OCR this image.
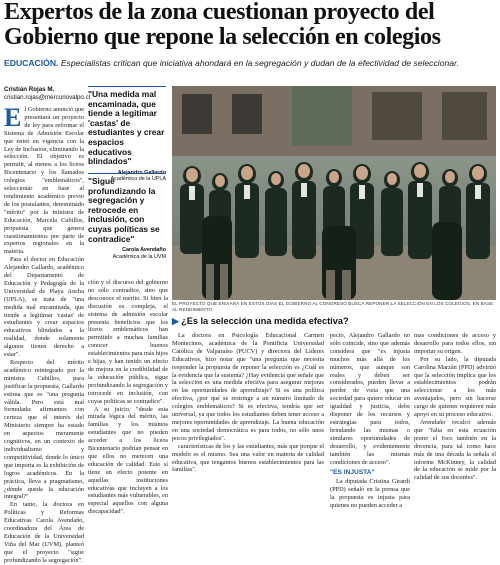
Expertos de la zona cuestionan proyecto del
Gobierno que repone la selección en colegios
EDUCACIÓN. Especialistas critican que iniciativa ahondará en la segregación y dudan de la efectividad de seleccionar.
Cristián Rojas M.
cristian.rojas@mercuriovalpo.cl

El Gobierno anunció que presentará un proyecto de ley para reformar el Sistema de Admisión Escolar que entró en vigencia con la Ley de Inclusión, eliminando la selección. El objetivo es permitir, al menos a los liceos Bicentenario y los llamados colegios "emblemáticos", seleccionar en base al rendimiento académico previo de los postulantes, denominado "mérito" por la ministra de Educación, Marcela Cubillos, propuesta que genera cuestionamientos por parte de expertos regionales en la materia.

Para el doctor en Educación Alejandro Gallardo, académico del Departamento de Educación y Pedagogía de la Universidad de Playa Ancha (UPLA), se trata de "una medida mal encaminada, que tiende a legitimar 'castas' de estudiantes y crear espacios educativos blindados a la realidad, donde solamente algunos tienen derecho a estar".

Respecto del mérito académico reintegrado por la ministra Cubillos, para justificar la propuesta, Gallardo estima que es "una pregunta válida. Pero está mal formulada: afirmamos con certeza que el interés del Ministerio siempre ha estado en aspectos meramente cognitivos, en un contexto de individualismo y competitividad, donde lo único que importa es la exhibición de logros académicos. En la práctica, lleva a pragmatismo, ¿dónde queda la educación integral?"

En tanto, la doctora en Políticas y Reformas Educativas Carola Avendaño, coordinadora del Área de Educación de la Universidad Viña del Mar (UVM), planteó que el proyecto "sigue profundizando la segregación".

"Una medida mal encaminada, que tiende a legitimar 'castas' de estudiantes y crear espacios educativos blindados"
Académico de la UPLA
"Sigue profundizando la segregación y retrocede en inclusión, con cuyas políticas se contradice"
Carola Avendaño
Académica de la UVM

ción y el discurso del gobierno no sólo contradice, sino que desconoce el mérito. Si bien la discusión es compleja, el sistema de admisión escolar presenta beneficios que los liceos emblemáticos han permitido a muchas familias conocer buenos establecimientos para más hijos e hijas, y han tenido un efecto de mejora en la credibilidad de la educación pública, sigue profundizando la segregación y retrocede en inclusión, con cuyas políticas se contradice".

A su juicio, "desde esta mirada lógica del mérito, las familias y los mismos estudiantes que no pueden acceder a los liceos Bicentenario podrían pensar en que ellos no merecen una educación de calidad. Esto sí tiene un efecto potente en aquellas instituciones educativas que incluyen a los estudiantes más vulnerables, en especial aquellos con alguna discapacidad".

EL PROYECTO QUE ENVIARÁ EN ESTOS DÍAS EL GOBIERNO AL CONGRESO BUSCA REPONER LA SELECCIÓN EN LOS COLEGIOS, EN BASE AL RENDIMIENTO.
▶ ¿Es la selección una medida efectiva?

La doctora en Psicología Educacional Carmen Montecinos, académica de la Pontificia Universidad Católica de Valparaíso (PUCV) y directora del Líderes Educativos, hizo notar que "una pregunta que necesita responder la propuesta de reponer la selección es ¿Cuál es la evidencia que la sustenta? ¿Hay evidencia que señale que la selección es una medida efectiva para asegurar mejoras en las oportunidades de aprendizaje? Si es una política efectiva, ¿por qué se restringe a un número limitado de colegios emblemáticos? Si es efectiva, tendría que ser universal, ya que todos los estudiantes deben tener acceso a mejores oportunidades de aprendizaje. La buena educación en una sociedad democrática es para todos, no sólo unos pocos privilegiados".

características de los y las estudiantes, más que porque el modelo es el mismo. Sea una valor en materia de calidad educativa, que tengamos buenos establecimientos para las familias".

pecto, Alejandro Gallardo no sólo coincide, sino que además considera que "es injusta muchos más allá de los números, que aunque son reales y deben ser considerados, pueden llevar a perder de vista que una sociedad para quiere educar en igualdad y justicia, debe disponer de los recursos y estrategias para todos, brindando las mismas o similares oportunidades de desarrollo, y evidentemente también las mismas condiciones de acceso".

"ES INJUSTA"

La diputada Cristina Girardi (PPD) señaló en la prensa que la propuesta es injusta para quienes no pueden acceder a

mas condiciones de acceso y desarrollo para todos ellos, sin importar su origen.

Por su lado, la diputada Carolina Marzán (PPD) advirtió que la selección implica que los establecimientos podrán seleccionar a los más aventajados, pero sin hacerse cargo de quienes requieren más apoyo en su proceso educativo.

Avendaño recalcó además que "falta en esta ecuación poner el foco también en la docencia, para tal como hace más de una década la señala el informe McKinney, la calidad de la educación se mide por la calidad de sus docentes".
